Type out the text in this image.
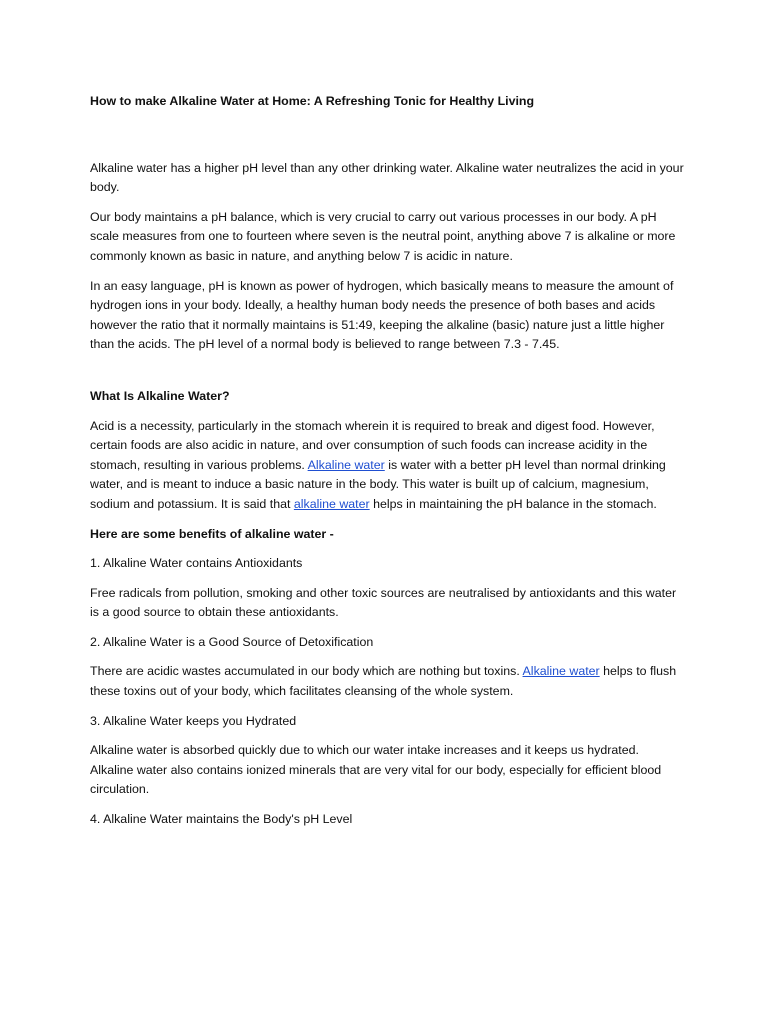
How to make Alkaline Water at Home: A Refreshing Tonic for Healthy Living

Alkaline water has a higher pH level than any other drinking water. Alkaline water neutralizes the acid in your body.

Our body maintains a pH balance, which is very crucial to carry out various processes in our body. A pH scale measures from one to fourteen where seven is the neutral point, anything above 7 is alkaline or more commonly known as basic in nature, and anything below 7 is acidic in nature.

In an easy language, pH is known as power of hydrogen, which basically means to measure the amount of hydrogen ions in your body. Ideally, a healthy human body needs the presence of both bases and acids however the ratio that it normally maintains is 51:49, keeping the alkaline (basic) nature just a little higher than the acids. The pH level of a normal body is believed to range between 7.3 - 7.45.

What Is Alkaline Water?

Acid is a necessity, particularly in the stomach wherein it is required to break and digest food. However, certain foods are also acidic in nature, and over consumption of such foods can increase acidity in the stomach, resulting in various problems. Alkaline water is water with a better pH level than normal drinking water, and is meant to induce a basic nature in the body. This water is built up of calcium, magnesium, sodium and potassium. It is said that alkaline water helps in maintaining the pH balance in the stomach.

Here are some benefits of alkaline water -

1. Alkaline Water contains Antioxidants

Free radicals from pollution, smoking and other toxic sources are neutralised by antioxidants and this water is a good source to obtain these antioxidants.

2. Alkaline Water is a Good Source of Detoxification

There are acidic wastes accumulated in our body which are nothing but toxins. Alkaline water helps to flush these toxins out of your body, which facilitates cleansing of the whole system.

3. Alkaline Water keeps you Hydrated

Alkaline water is absorbed quickly due to which our water intake increases and it keeps us hydrated. Alkaline water also contains ionized minerals that are very vital for our body, especially for efficient blood circulation.

4. Alkaline Water maintains the Body's pH Level
